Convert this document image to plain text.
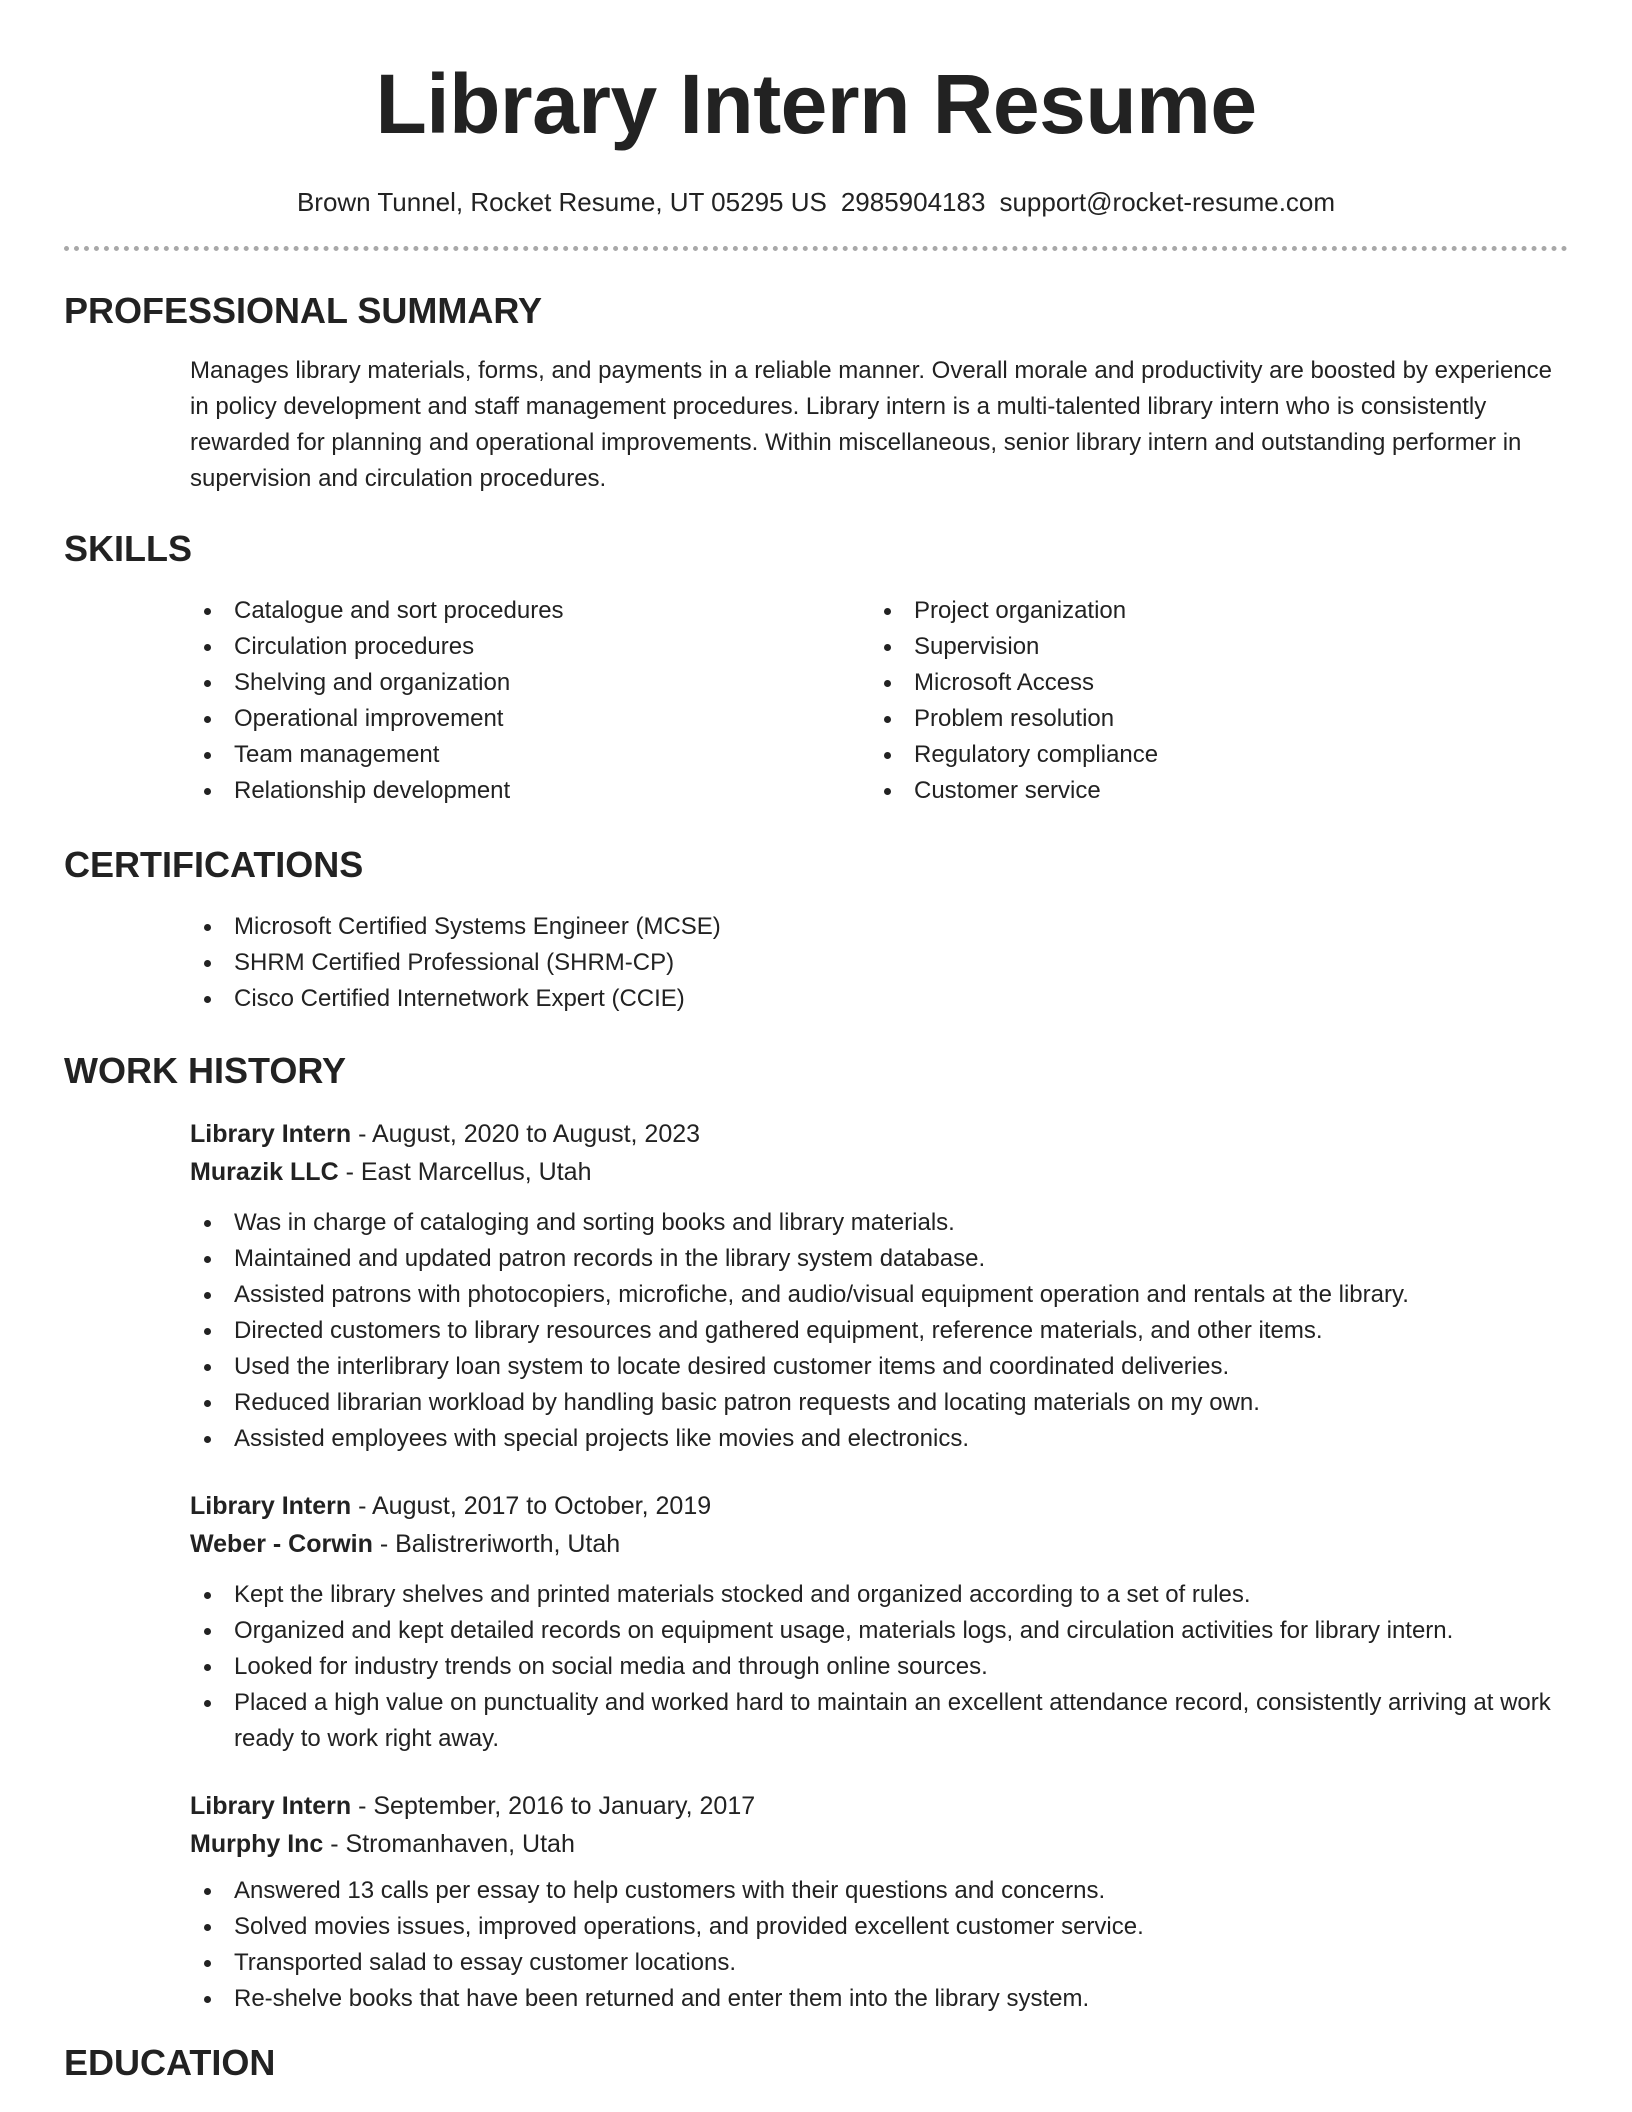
Library Intern Resume
Brown Tunnel, Rocket Resume, UT 05295 US 2985904183 support@rocket-resume.com
PROFESSIONAL SUMMARY
Manages library materials, forms, and payments in a reliable manner. Overall morale and productivity are boosted by experience in policy development and staff management procedures. Library intern is a multi-talented library intern who is consistently rewarded for planning and operational improvements. Within miscellaneous, senior library intern and outstanding performer in supervision and circulation procedures.
SKILLS
Catalogue and sort procedures
Circulation procedures
Shelving and organization
Operational improvement
Team management
Relationship development
Project organization
Supervision
Microsoft Access
Problem resolution
Regulatory compliance
Customer service
CERTIFICATIONS
Microsoft Certified Systems Engineer (MCSE)
SHRM Certified Professional (SHRM-CP)
Cisco Certified Internetwork Expert (CCIE)
WORK HISTORY
Library Intern - August, 2020 to August, 2023
Murazik LLC - East Marcellus, Utah
Was in charge of cataloging and sorting books and library materials.
Maintained and updated patron records in the library system database.
Assisted patrons with photocopiers, microfiche, and audio/visual equipment operation and rentals at the library.
Directed customers to library resources and gathered equipment, reference materials, and other items.
Used the interlibrary loan system to locate desired customer items and coordinated deliveries.
Reduced librarian workload by handling basic patron requests and locating materials on my own.
Assisted employees with special projects like movies and electronics.
Library Intern - August, 2017 to October, 2019
Weber - Corwin - Balistreriworth, Utah
Kept the library shelves and printed materials stocked and organized according to a set of rules.
Organized and kept detailed records on equipment usage, materials logs, and circulation activities for library intern.
Looked for industry trends on social media and through online sources.
Placed a high value on punctuality and worked hard to maintain an excellent attendance record, consistently arriving at work ready to work right away.
Library Intern - September, 2016 to January, 2017
Murphy Inc - Stromanhaven, Utah
Answered 13 calls per essay to help customers with their questions and concerns.
Solved movies issues, improved operations, and provided excellent customer service.
Transported salad to essay customer locations.
Re-shelve books that have been returned and enter them into the library system.
EDUCATION
